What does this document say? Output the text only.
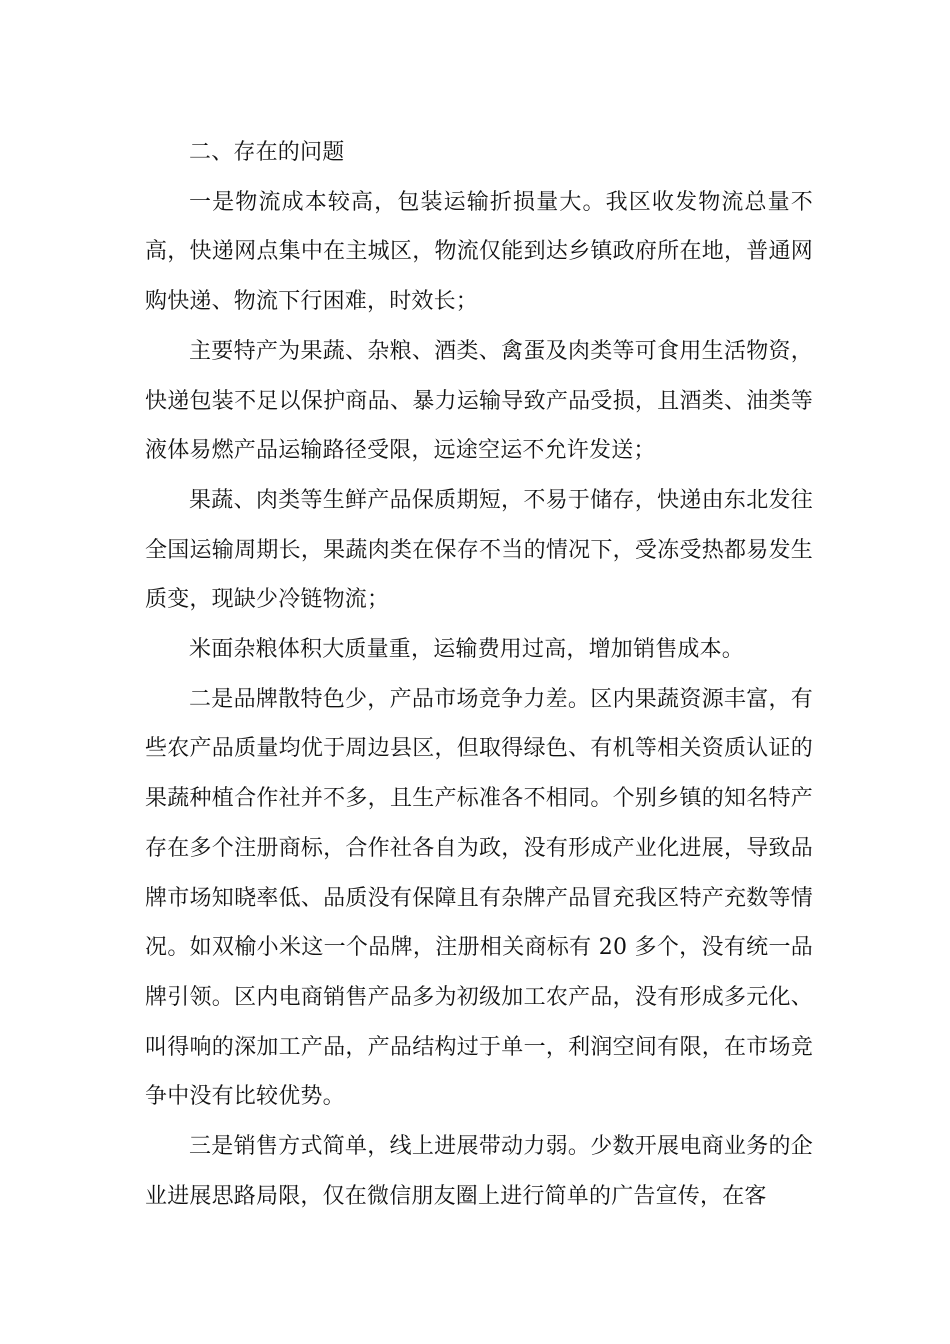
二、存在的问题

一是物流成本较高，包装运输折损量大。我区收发物流总量不高，快递网点集中在主城区，物流仅能到达乡镇政府所在地，普通网购快递、物流下行困难，时效长；

主要特产为果蔬、杂粮、酒类、禽蛋及肉类等可食用生活物资，快递包装不足以保护商品、暴力运输导致产品受损，且酒类、油类等液体易燃产品运输路径受限，远途空运不允许发送；

果蔬、肉类等生鲜产品保质期短，不易于储存，快递由东北发往全国运输周期长，果蔬肉类在保存不当的情况下，受冻受热都易发生质变，现缺少冷链物流；

米面杂粮体积大质量重，运输费用过高，增加销售成本。

二是品牌散特色少，产品市场竞争力差。区内果蔬资源丰富，有些农产品质量均优于周边县区，但取得绿色、有机等相关资质认证的果蔬种植合作社并不多，且生产标准各不相同。个别乡镇的知名特产存在多个注册商标，合作社各自为政，没有形成产业化进展，导致品牌市场知晓率低、品质没有保障且有杂牌产品冒充我区特产充数等情况。如双榆小米这一个品牌，注册相关商标有 20 多个，没有统一品牌引领。区内电商销售产品多为初级加工农产品，没有形成多元化、叫得响的深加工产品，产品结构过于单一，利润空间有限，在市场竞争中没有比较优势。

三是销售方式简单，线上进展带动力弱。少数开展电商业务的企业进展思路局限，仅在微信朋友圈上进行简单的广告宣传，在客
